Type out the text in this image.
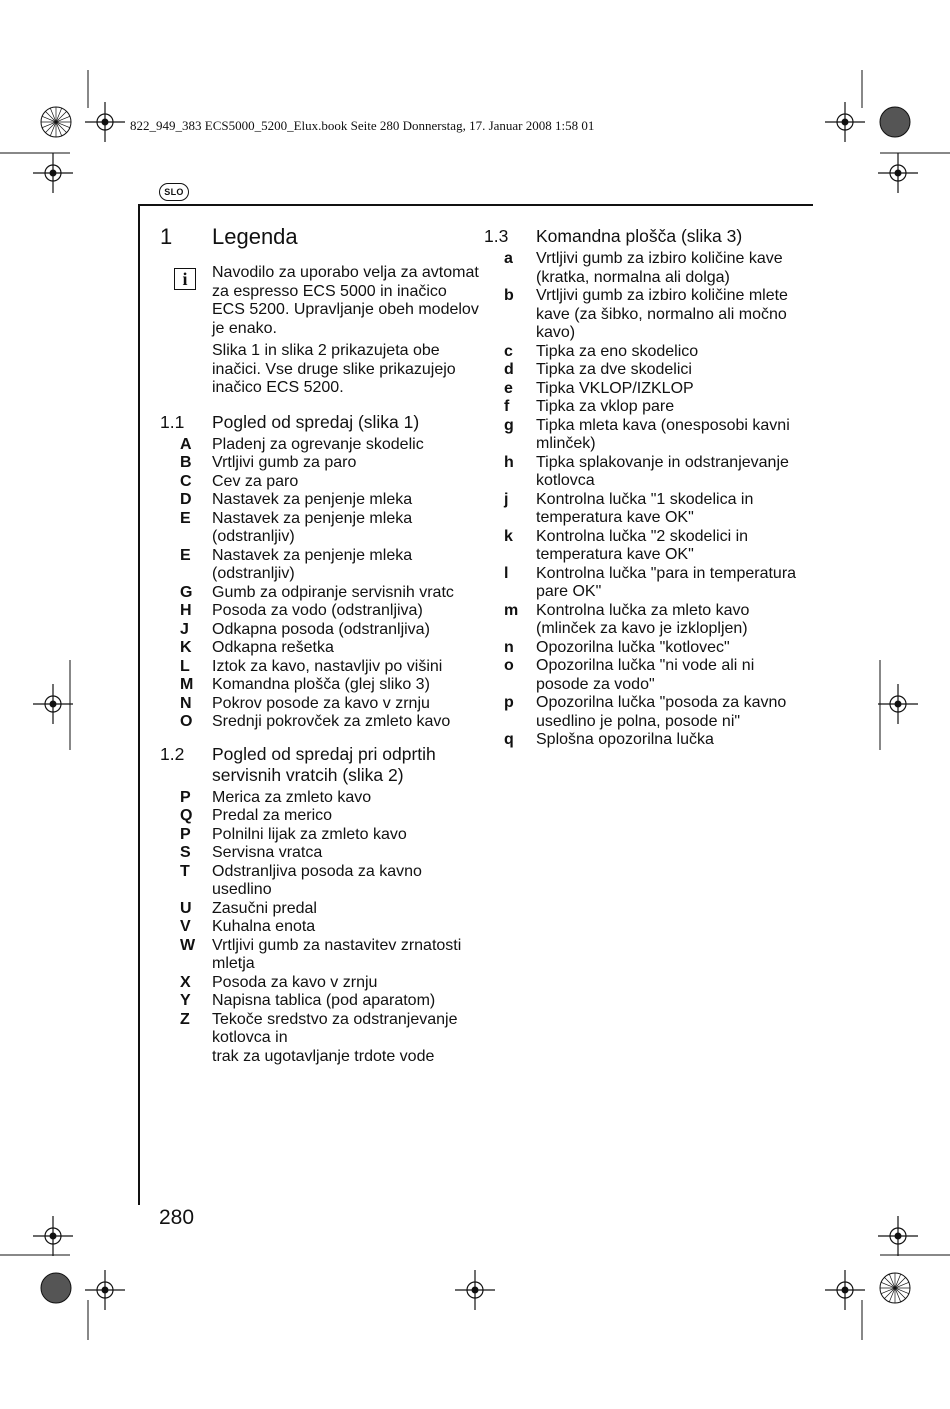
822_949_383 ECS5000_5200_Elux.book Seite 280 Donnerstag, 17. Januar 2008 1:58 01
SLO
1	Legenda
i	Navodilo za uporabo velja za avtomat za espresso ECS 5000 in inačico ECS 5200. Upravljanje obeh modelov je enako.

Slika 1 in slika 2 prikazujeta obe inačici. Vse druge slike prikazujejo inačico ECS 5200.

1.1	Pogled od spredaj (slika 1)
A	Pladenj za ogrevanje skodelic
B	Vrtljivi gumb za paro
C	Cev za paro
D	Nastavek za penjenje mleka
E	Nastavek za penjenje mleka (odstranljiv)
E	Nastavek za penjenje mleka (odstranljiv)
G	Gumb za odpiranje servisnih vratc
H	Posoda za vodo (odstranljiva)
J	Odkapna posoda (odstranljiva)
K	Odkapna rešetka
L	Iztok za kavo, nastavljiv po višini
M	Komandna plošča (glej sliko 3)
N	Pokrov posode za kavo v zrnju
O	Srednji pokrovček za zmleto kavo
1.2	Pogled od spredaj pri odprtih servisnih vratcih (slika 2)
P	Merica za zmleto kavo
Q	Predal za merico
P	Polnilni lijak za zmleto kavo
S	Servisna vratca
T	Odstranljiva posoda za kavno usedlino
U	Zasučni predal
V	Kuhalna enota
W	Vrtljivi gumb za nastavitev zrnatosti mletja
X	Posoda za kavo v zrnju
Y	Napisna tablica (pod aparatom)
Z	Tekoče sredstvo za odstranjevanje kotlovca in
trak za ugotavljanje trdote vode
1.3	Komandna plošča (slika 3)
a	Vrtljivi gumb za izbiro količine kave (kratka, normalna ali dolga)
b	Vrtljivi gumb za izbiro količine mlete kave (za šibko, normalno ali močno kavo)
c	Tipka za eno skodelico
d	Tipka za dve skodelici
e	Tipka VKLOP/IZKLOP
f	Tipka za vklop pare
g	Tipka mleta kava (onesposobi kavni mlinček)
h	Tipka splakovanje in odstranjevanje kotlovca
j	Kontrolna lučka "1 skodelica in temperatura kave OK"
k	Kontrolna lučka "2 skodelici in temperatura kave OK"
l	Kontrolna lučka "para in temperatura pare OK"
m	Kontrolna lučka za mleto kavo (mlinček za kavo je izklopljen)
n	Opozorilna lučka "kotlovec"
o	Opozorilna lučka "ni vode ali ni posode za vodo"
p	Opozorilna lučka "posoda za kavno usedlino je polna, posode ni"
q	Splošna opozorilna lučka
280
